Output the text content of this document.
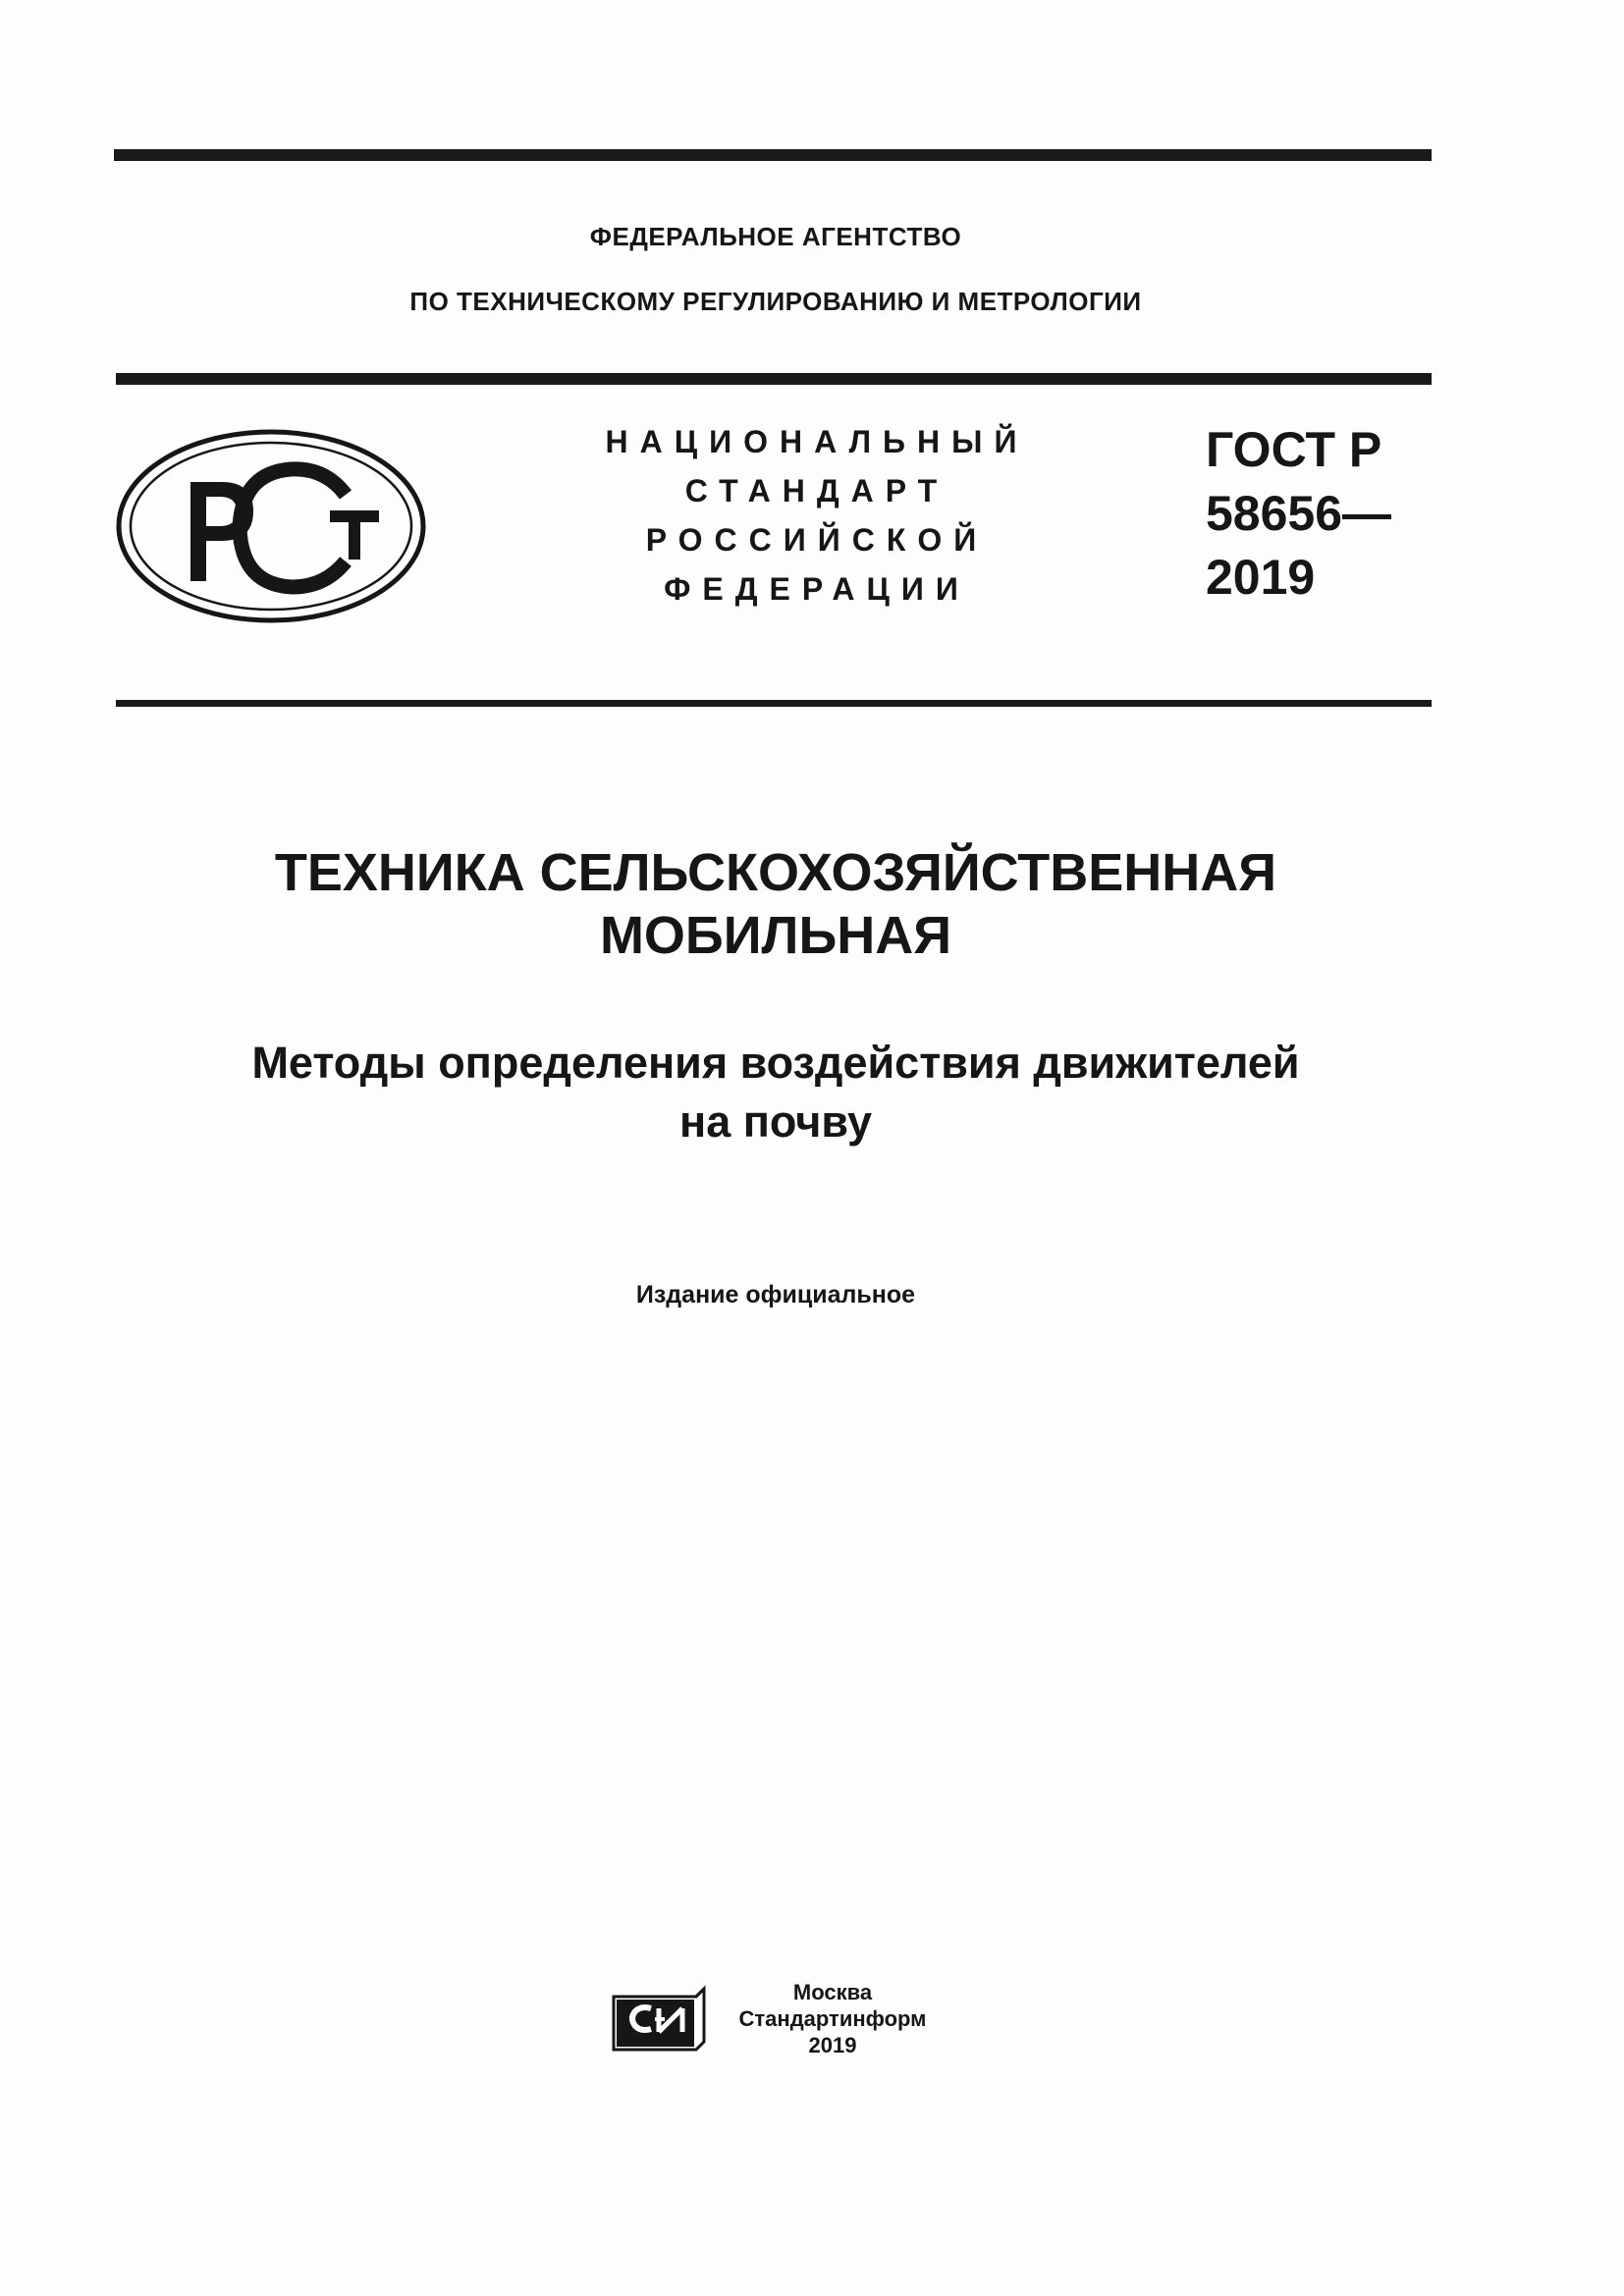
ФЕДЕРАЛЬНОЕ АГЕНТСТВО
ПО ТЕХНИЧЕСКОМУ РЕГУЛИРОВАНИЮ И МЕТРОЛОГИИ
НАЦИОНАЛЬНЫЙ
СТАНДАРТ
РОССИЙСКОЙ
ФЕДЕРАЦИИ
ГОСТ Р
58656—
2019
ТЕХНИКА СЕЛЬСКОХОЗЯЙСТВЕННАЯ
МОБИЛЬНАЯ
Методы определения воздействия движителей
на почву
Издание официальное
Москва
Стандартинформ
2019
